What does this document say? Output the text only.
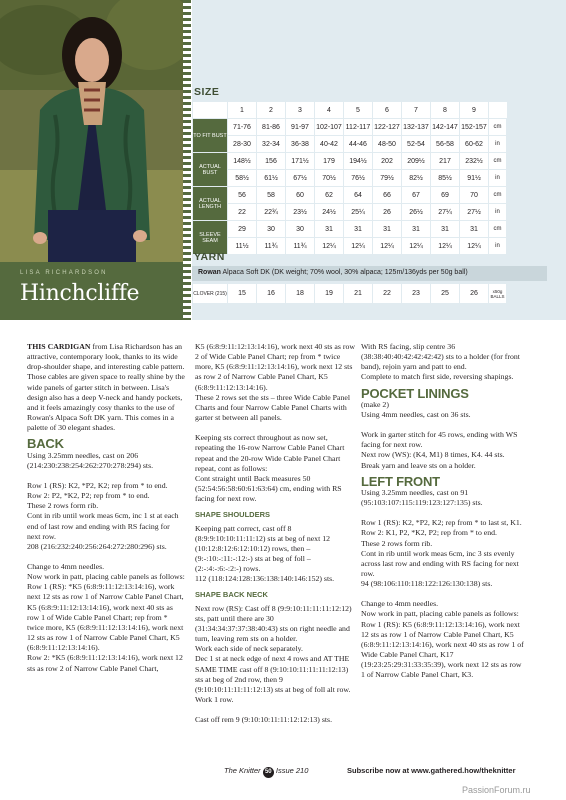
LISA RICHARDSON
Hinchcliffe
SIZE
	1	2	3	4	5	6	7	8	9	
TO FIT BUST	71-76	81-86	91-97	102-107	112-117	122-127	132-137	142-147	152-157	cm
	28-30	32-34	36-38	40-42	44-46	48-50	52-54	56-58	60-62	in
ACTUAL BUST	148½	156	171½	179	194½	202	209½	217	232½	cm
	58½	61½	67½	70½	76½	79½	82½	85½	91½	in
ACTUAL LENGTH	56	58	60	62	64	66	67	69	70	cm
	22	22¾	23½	24½	25¼	26	26½	27¼	27½	in
SLEEVE SEAM	29	30	30	31	31	31	31	31	31	cm
	11½	11¾	11¾	12¼	12¼	12¼	12¼	12¼	12¼	in
YARN
Rowan Alpaca Soft DK (DK weight; 70% wool, 30% alpaca; 125m/136yds per 50g ball)
CLOVER (215)	15	16	18	19	21	22	23	25	26	x50g BALLS

THIS CARDIGAN from Lisa Richardson has an attractive, contemporary look, thanks to its wide drop-shoulder shape, and interesting cable pattern. Those cables are given space to really shine by the wide panels of garter stitch in between. Lisa's design also has a deep V-neck and handy pockets, and it feels amazingly cosy thanks to the use of Rowan's Alpaca Soft DK yarn. This comes in a palette of 30 elegant shades.

BACK

Using 3.25mm needles, cast on 206 (214:230:238:254:262:270:278:294) sts.

Row 1 (RS): K2, *P2, K2; rep from * to end.

Row 2: P2, *K2, P2; rep from * to end.

These 2 rows form rib.

Cont in rib until work meas 6cm, inc 1 st at each end of last row and ending with RS facing for next row.

208 (216:232:240:256:264:272:280:296) sts.

Change to 4mm needles.

Now work in patt, placing cable panels as follows:

Row 1 (RS): *K5 (6:8:9:11:12:13:14:16), work next 12 sts as row 1 of Narrow Cable Panel Chart, K5 (6:8:9:11:12:13:14:16), work next 40 sts as row 1 of Wide Cable Panel Chart; rep from * twice more, K5 (6:8:9:11:12:13:14:16), work next 12 sts as row 1 of Narrow Cable Panel Chart, K5 (6:8:9:11:12:13:14:16).

Row 2: *K5 (6:8:9:11:12:13:14:16), work next 12 sts as row 2 of Narrow Cable Panel Chart,

K5 (6:8:9:11:12:13:14:16), work next 40 sts as row 2 of Wide Cable Panel Chart; rep from * twice more, K5 (6:8:9:11:12:13:14:16), work next 12 sts as row 2 of Narrow Cable Panel Chart, K5 (6:8:9:11:12:13:14:16).

These 2 rows set the sts – three Wide Cable Panel Charts and four Narrow Cable Panel Charts with garter st between all panels.

Keeping sts correct throughout as now set, repeating the 16-row Narrow Cable Panel Chart repeat and the 20-row Wide Cable Panel Chart repeat, cont as follows:

Cont straight until Back measures 50 (52:54:56:58:60:61:63:64) cm, ending with RS facing for next row.

SHAPE SHOULDERS

Keeping patt correct, cast off 8 (8:9:9:10:10:11:11:12) sts at beg of next 12 (10:12:8:12:6:12:10:12) rows, then – (9:-:10:-:11:-:12:-) sts at beg of foll – (2:-:4:-:6:-:2:-) rows.

112 (118:124:128:136:138:140:146:152) sts.

SHAPE BACK NECK

Next row (RS): Cast off 8 (9:9:10:11:11:11:12:12) sts, patt until there are 30 (31:34:34:37:37:38:40:43) sts on right needle and turn, leaving rem sts on a holder.

Work each side of neck separately.

Dec 1 st at neck edge of next 4 rows and AT THE SAME TIME cast off 8 (9:10:10:11:11:11:12:13) sts at beg of 2nd row, then 9 (9:10:10:11:11:11:12:13) sts at beg of foll alt row.

Work 1 row.

Cast off rem 9 (9:10:10:11:11:12:12:13) sts.

With RS facing, slip centre 36 (38:38:40:40:42:42:42:42) sts to a holder (for front band), rejoin yarn and patt to end.

Complete to match first side, reversing shapings.

POCKET LININGS

(make 2)

Using 4mm needles, cast on 36 sts.

Work in garter stitch for 45 rows, ending with WS facing for next row.

Next row (WS): (K4, M1) 8 times, K4. 44 sts.

Break yarn and leave sts on a holder.

LEFT FRONT

Using 3.25mm needles, cast on 91 (95:103:107:115:119:123:127:135) sts.

Row 1 (RS): K2, *P2, K2; rep from * to last st, K1.

Row 2: K1, P2, *K2, P2; rep from * to end.

These 2 rows form rib.

Cont in rib until work meas 6cm, inc 3 sts evenly across last row and ending with RS facing for next row.

94 (98:106:110:118:122:126:130:138) sts.

Change to 4mm needles.

Now work in patt, placing cable panels as follows:

Row 1 (RS): K5 (6:8:9:11:12:13:14:16), work next 12 sts as row 1 of Narrow Cable Panel Chart, K5 (6:8:9:11:12:13:14:16), work next 40 sts as row 1 of Wide Cable Panel Chart, K17 (19:23:25:29:31:33:35:39), work next 12 sts as row 1 of Narrow Cable Panel Chart, K3.

The Knitter 50 Issue 210	Subscribe now at www.gathered.how/theknitter
PassionForum.ru
